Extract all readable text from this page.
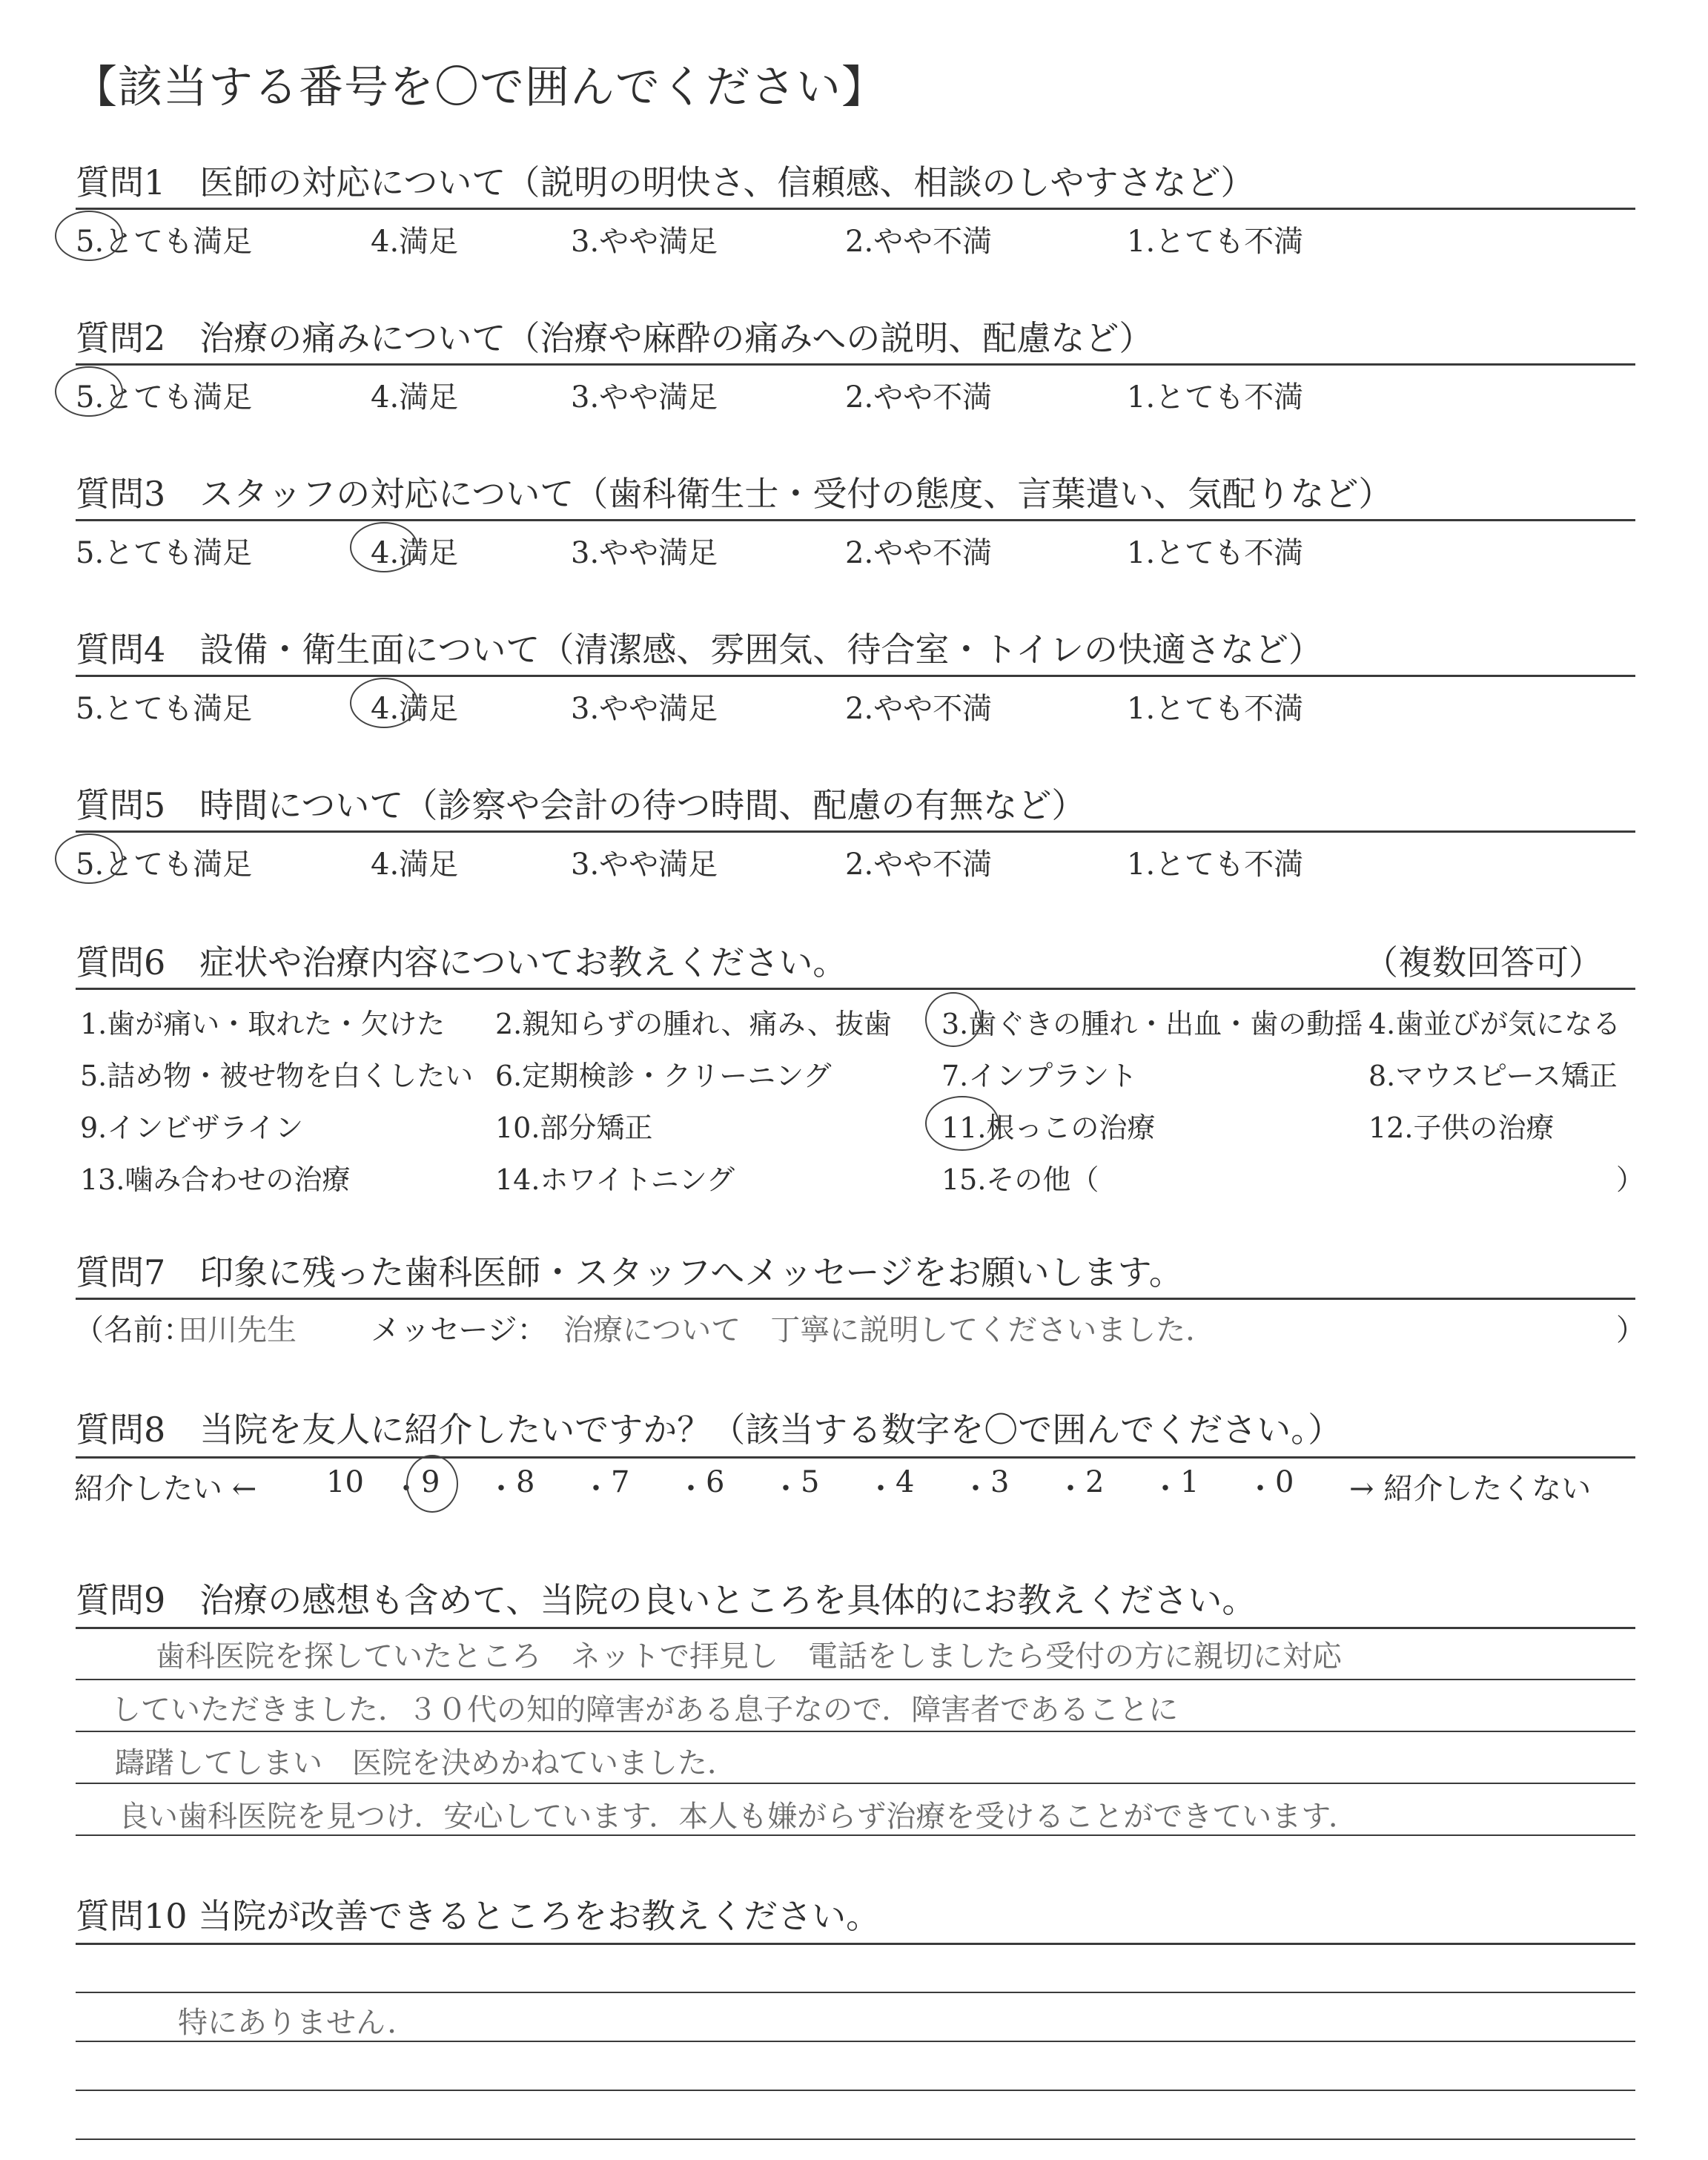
【該当する番号を〇で囲んでください】
質問1　医師の対応について（説明の明快さ、信頼感、相談のしやすさなど）
5.とても満足	4.満足	3.やや満足	2.やや不満	1.とても不満
質問2　治療の痛みについて（治療や麻酔の痛みへの説明、配慮など）
5.とても満足	4.満足	3.やや満足	2.やや不満	1.とても不満
質問3　スタッフの対応について（歯科衛生士・受付の態度、言葉遣い、気配りなど）
5.とても満足	4.満足	3.やや満足	2.やや不満	1.とても不満
質問4　設備・衛生面について（清潔感、雰囲気、待合室・トイレの快適さなど）
5.とても満足	4.満足	3.やや満足	2.やや不満	1.とても不満
質問5　時間について（診察や会計の待つ時間、配慮の有無など）
5.とても満足	4.満足	3.やや満足	2.やや不満	1.とても不満
質問6　症状や治療内容についてお教えください。	（複数回答可）
1.歯が痛い・取れた・欠けた 2.親知らずの腫れ、痛み、抜歯 3.歯ぐきの腫れ・出血・歯の動揺 4.歯並びが気になる
5.詰め物・被せ物を白くしたい 6.定期検診・クリーニング	7.インプラント	8.マウスピース矯正
9.インビザライン	10.部分矯正	11.根っこの治療	12.子供の治療
13.噛み合わせの治療	14.ホワイトニング	15.その他（	）
質問7　印象に残った歯科医師・スタッフへメッセージをお願いします。
（名前：
田川先生	メッセージ： 治療について　丁寧に説明してくださいました．	）
質問8　当院を友人に紹介したいですか？（該当する数字を〇で囲んでください。）
紹介したい ← 10 ・ 9 ・ 8 ・ 7 ・ 6 ・ 5 ・ 4 ・ 3 ・ 2 ・ 1 ・ 0 → 紹介したくない
質問9　治療の感想も含めて、当院の良いところを具体的にお教えください。
歯科医院を探していたところ　ネットで拝見し　電話をしましたら受付の方に親切に対応
していただきました．３０代の知的障害がある息子なので．障害者であることに
躊躇してしまい　医院を決めかねていました．
良い歯科医院を見つけ．安心しています．本人も嫌がらず治療を受けることができています．
質問10 当院が改善できるところをお教えください。
特にありません．
